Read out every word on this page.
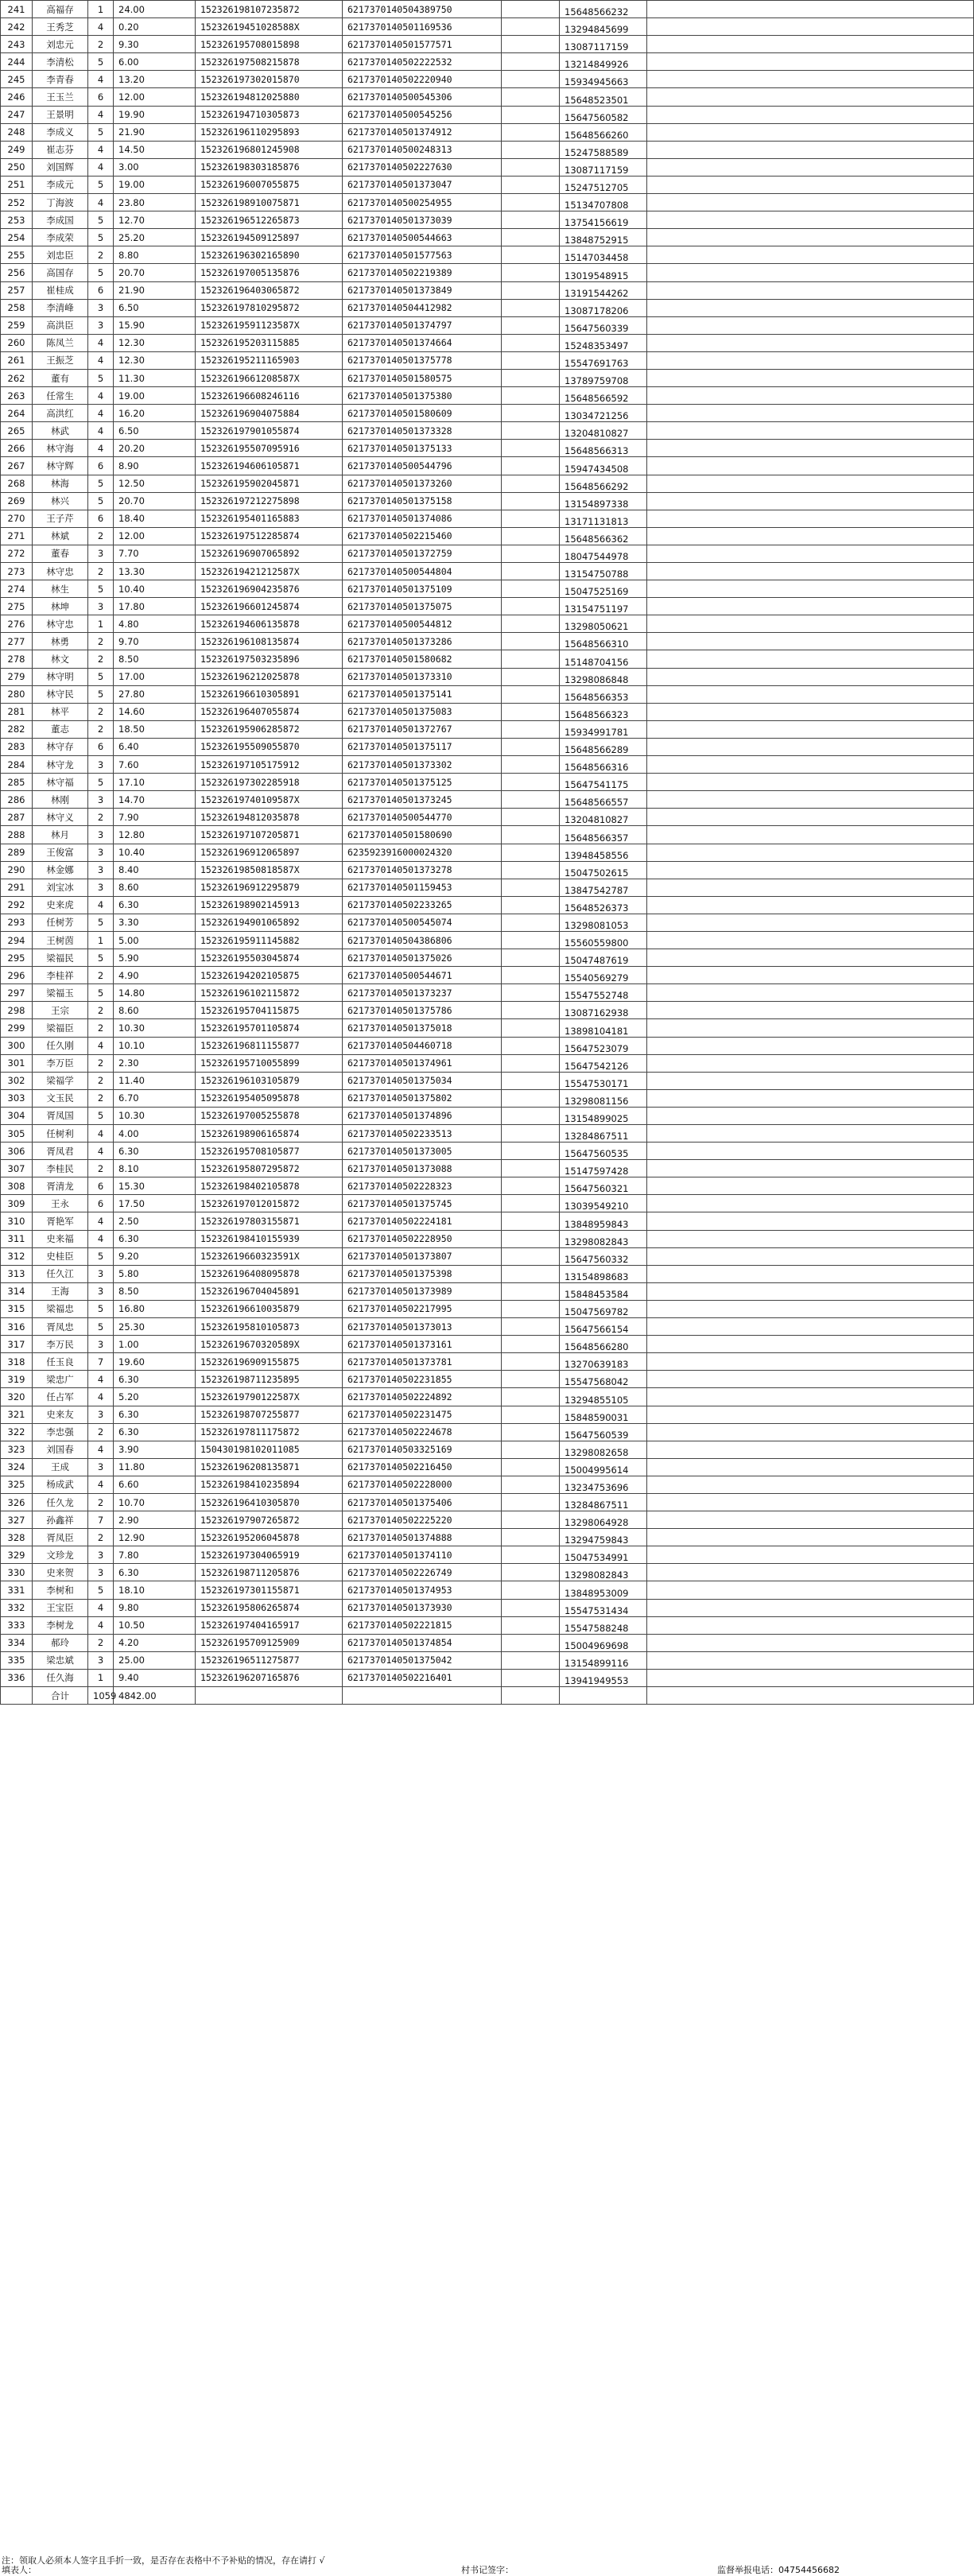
241	高福存	1	24.00	152326198107235872	6217370140504389750		15648566232	
242	王秀芝	4	0.20	15232619451028588X	6217370140501169536		13294845699	
243	刘忠元	2	9.30	152326195708015898	6217370140501577571		13087117159	
244	李清松	5	6.00	152326197508215878	6217370140502222532		13214849926	
245	李青春	4	13.20	152326197302015870	6217370140502220940		15934945663	
246	王玉兰	6	12.00	152326194812025880	6217370140500545306		15648523501	
247	王景明	4	19.90	152326194710305873	6217370140500545256		15647560582	
248	李成义	5	21.90	152326196110295893	6217370140501374912		15648566260	
249	崔志芬	4	14.50	152326196801245908	6217370140500248313		15247588589	
250	刘国辉	4	3.00	152326198303185876	6217370140502227630		13087117159	
251	李成元	5	19.00	152326196007055875	6217370140501373047		15247512705	
252	丁海波	4	23.80	152326198910075871	6217370140500254955		15134707808	
253	李成国	5	12.70	152326196512265873	6217370140501373039		13754156619	
254	李成荣	5	25.20	152326194509125897	6217370140500544663		13848752915	
255	刘忠臣	2	8.80	152326196302165890	6217370140501577563		15147034458	
256	高国存	5	20.70	152326197005135876	6217370140502219389		13019548915	
257	崔桂成	6	21.90	152326196403065872	6217370140501373849		13191544262	
258	李清峰	3	6.50	152326197810295872	6217370140504412982		13087178206	
259	高洪臣	3	15.90	15232619591123587X	6217370140501374797		15647560339	
260	陈凤兰	4	12.30	152326195203115885	6217370140501374664		15248353497	
261	王振芝	4	12.30	152326195211165903	6217370140501375778		15547691763	
262	董有	5	11.30	15232619661208587X	6217370140501580575		13789759708	
263	任常生	4	19.00	152326196608246116	6217370140501375380		15648566592	
264	高洪红	4	16.20	152326196904075884	6217370140501580609		13034721256	
265	林武	4	6.50	152326197901055874	6217370140501373328		13204810827	
266	林守海	4	20.20	152326195507095916	6217370140501375133		15648566313	
267	林守辉	6	8.90	152326194606105871	6217370140500544796		15947434508	
268	林海	5	12.50	152326195902045871	6217370140501373260		15648566292	
269	林兴	5	20.70	152326197212275898	6217370140501375158		13154897338	
270	王子芹	6	18.40	152326195401165883	6217370140501374086		13171131813	
271	林斌	2	12.00	152326197512285874	6217370140502215460		15648566362	
272	董春	3	7.70	152326196907065892	6217370140501372759		18047544978	
273	林守忠	2	13.30	15232619421212587X	6217370140500544804		13154750788	
274	林生	5	10.40	152326196904235876	6217370140501375109		15047525169	
275	林坤	3	17.80	152326196601245874	6217370140501375075		13154751197	
276	林守忠	1	4.80	152326194606135878	6217370140500544812		13298050621	
277	林勇	2	9.70	152326196108135874	6217370140501373286		15648566310	
278	林文	2	8.50	152326197503235896	6217370140501580682		15148704156	
279	林守明	5	17.00	152326196212025878	6217370140501373310		13298086848	
280	林守民	5	27.80	152326196610305891	6217370140501375141		15648566353	
281	林平	2	14.60	152326196407055874	6217370140501375083		15648566323	
282	董志	2	18.50	152326195906285872	6217370140501372767		15934991781	
283	林守存	6	6.40	152326195509055870	6217370140501375117		15648566289	
284	林守龙	3	7.60	152326197105175912	6217370140501373302		15648566316	
285	林守福	5	17.10	152326197302285918	6217370140501375125		15647541175	
286	林刚	3	14.70	15232619740109587X	6217370140501373245		15648566557	
287	林守义	2	7.90	152326194812035878	6217370140500544770		13204810827	
288	林月	3	12.80	152326197107205871	6217370140501580690		15648566357	
289	王俊富	3	10.40	152326196912065897	6235923916000024320		13948458556	
290	林金娜	3	8.40	15232619850818587X	6217370140501373278		15047502615	
291	刘宝冰	3	8.60	152326196912295879	6217370140501159453		13847542787	
292	史来虎	4	6.30	152326198902145913	6217370140502233265		15648526373	
293	任树芳	5	3.30	152326194901065892	6217370140500545074		13298081053	
294	王树茵	1	5.00	152326195911145882	6217370140504386806		15560559800	
295	梁福民	5	5.90	152326195503045874	6217370140501375026		15047487619	
296	李桂祥	2	4.90	152326194202105875	6217370140500544671		15540569279	
297	梁福玉	5	14.80	152326196102115872	6217370140501373237		15547552748	
298	王宗	2	8.60	152326195704115875	6217370140501375786		13087162938	
299	梁福臣	2	10.30	152326195701105874	6217370140501375018		13898104181	
300	任久刚	4	10.10	152326196811155877	6217370140504460718		15647523079	
301	李万臣	2	2.30	152326195710055899	6217370140501374961		15647542126	
302	梁福学	2	11.40	152326196103105879	6217370140501375034		15547530171	
303	文玉民	2	6.70	152326195405095878	6217370140501375802		13298081156	
304	胥凤国	5	10.30	152326197005255878	6217370140501374896		13154899025	
305	任树利	4	4.00	152326198906165874	6217370140502233513		13284867511	
306	胥凤君	4	6.30	152326195708105877	6217370140501373005		15647560535	
307	李桂民	2	8.10	152326195807295872	6217370140501373088		15147597428	
308	胥清龙	6	15.30	152326198402105878	6217370140502228323		15647560321	
309	王永	6	17.50	152326197012015872	6217370140501375745		13039549210	
310	胥艳军	4	2.50	152326197803155871	6217370140502224181		13848959843	
311	史来福	4	6.30	152326198410155939	6217370140502228950		13298082843	
312	史桂臣	5	9.20	15232619660323591X	6217370140501373807		15647560332	
313	任久江	3	5.80	152326196408095878	6217370140501375398		13154898683	
314	王海	3	8.50	152326196704045891	6217370140501373989		15848453584	
315	梁福忠	5	16.80	152326196610035879	6217370140502217995		15047569782	
316	胥凤忠	5	25.30	152326195810105873	6217370140501373013		15647566154	
317	李万民	3	1.00	15232619670320589X	6217370140501373161		15648566280	
318	任玉良	7	19.60	152326196909155875	6217370140501373781		13270639183	
319	梁忠广	4	6.30	152326198711235895	6217370140502231855		15547568042	
320	任占军	4	5.20	15232619790122587X	6217370140502224892		13294855105	
321	史来友	3	6.30	152326198707255877	6217370140502231475		15848590031	
322	李忠强	2	6.30	152326197811175872	6217370140502224678		15647560539	
323	刘国春	4	3.90	150430198102011085	6217370140503325169		13298082658	
324	王成	3	11.80	152326196208135871	6217370140502216450		15004995614	
325	杨成武	4	6.60	152326198410235894	6217370140502228000		13234753696	
326	任久龙	2	10.70	152326196410305870	6217370140501375406		13284867511	
327	孙鑫祥	7	2.90	152326197907265872	6217370140502225220		13298064928	
328	胥凤臣	2	12.90	152326195206045878	6217370140501374888		13294759843	
329	文珍龙	3	7.80	152326197304065919	6217370140501374110		15047534991	
330	史来贺	3	6.30	152326198711205876	6217370140502226749		13298082843	
331	李树和	5	18.10	152326197301155871	6217370140501374953		13848953009	
332	王宝臣	4	9.80	152326195806265874	6217370140501373930		15547531434	
333	李树龙	4	10.50	152326197404165917	6217370140502221815		15547588248	
334	郝玲	2	4.20	152326195709125909	6217370140501374854		15004969698	
335	梁忠斌	3	25.00	152326196511275877	6217370140501375042		13154899116	
336	任久海	1	9.40	152326196207165876	6217370140502216401		13941949553	
	合计	1059	4842.00					
注：领取人必须本人签字且手折一致，是否存在表格中不予补贴的情况，存在请打 √
填表人：	村书记签字：	监督举报电话：04754456682
